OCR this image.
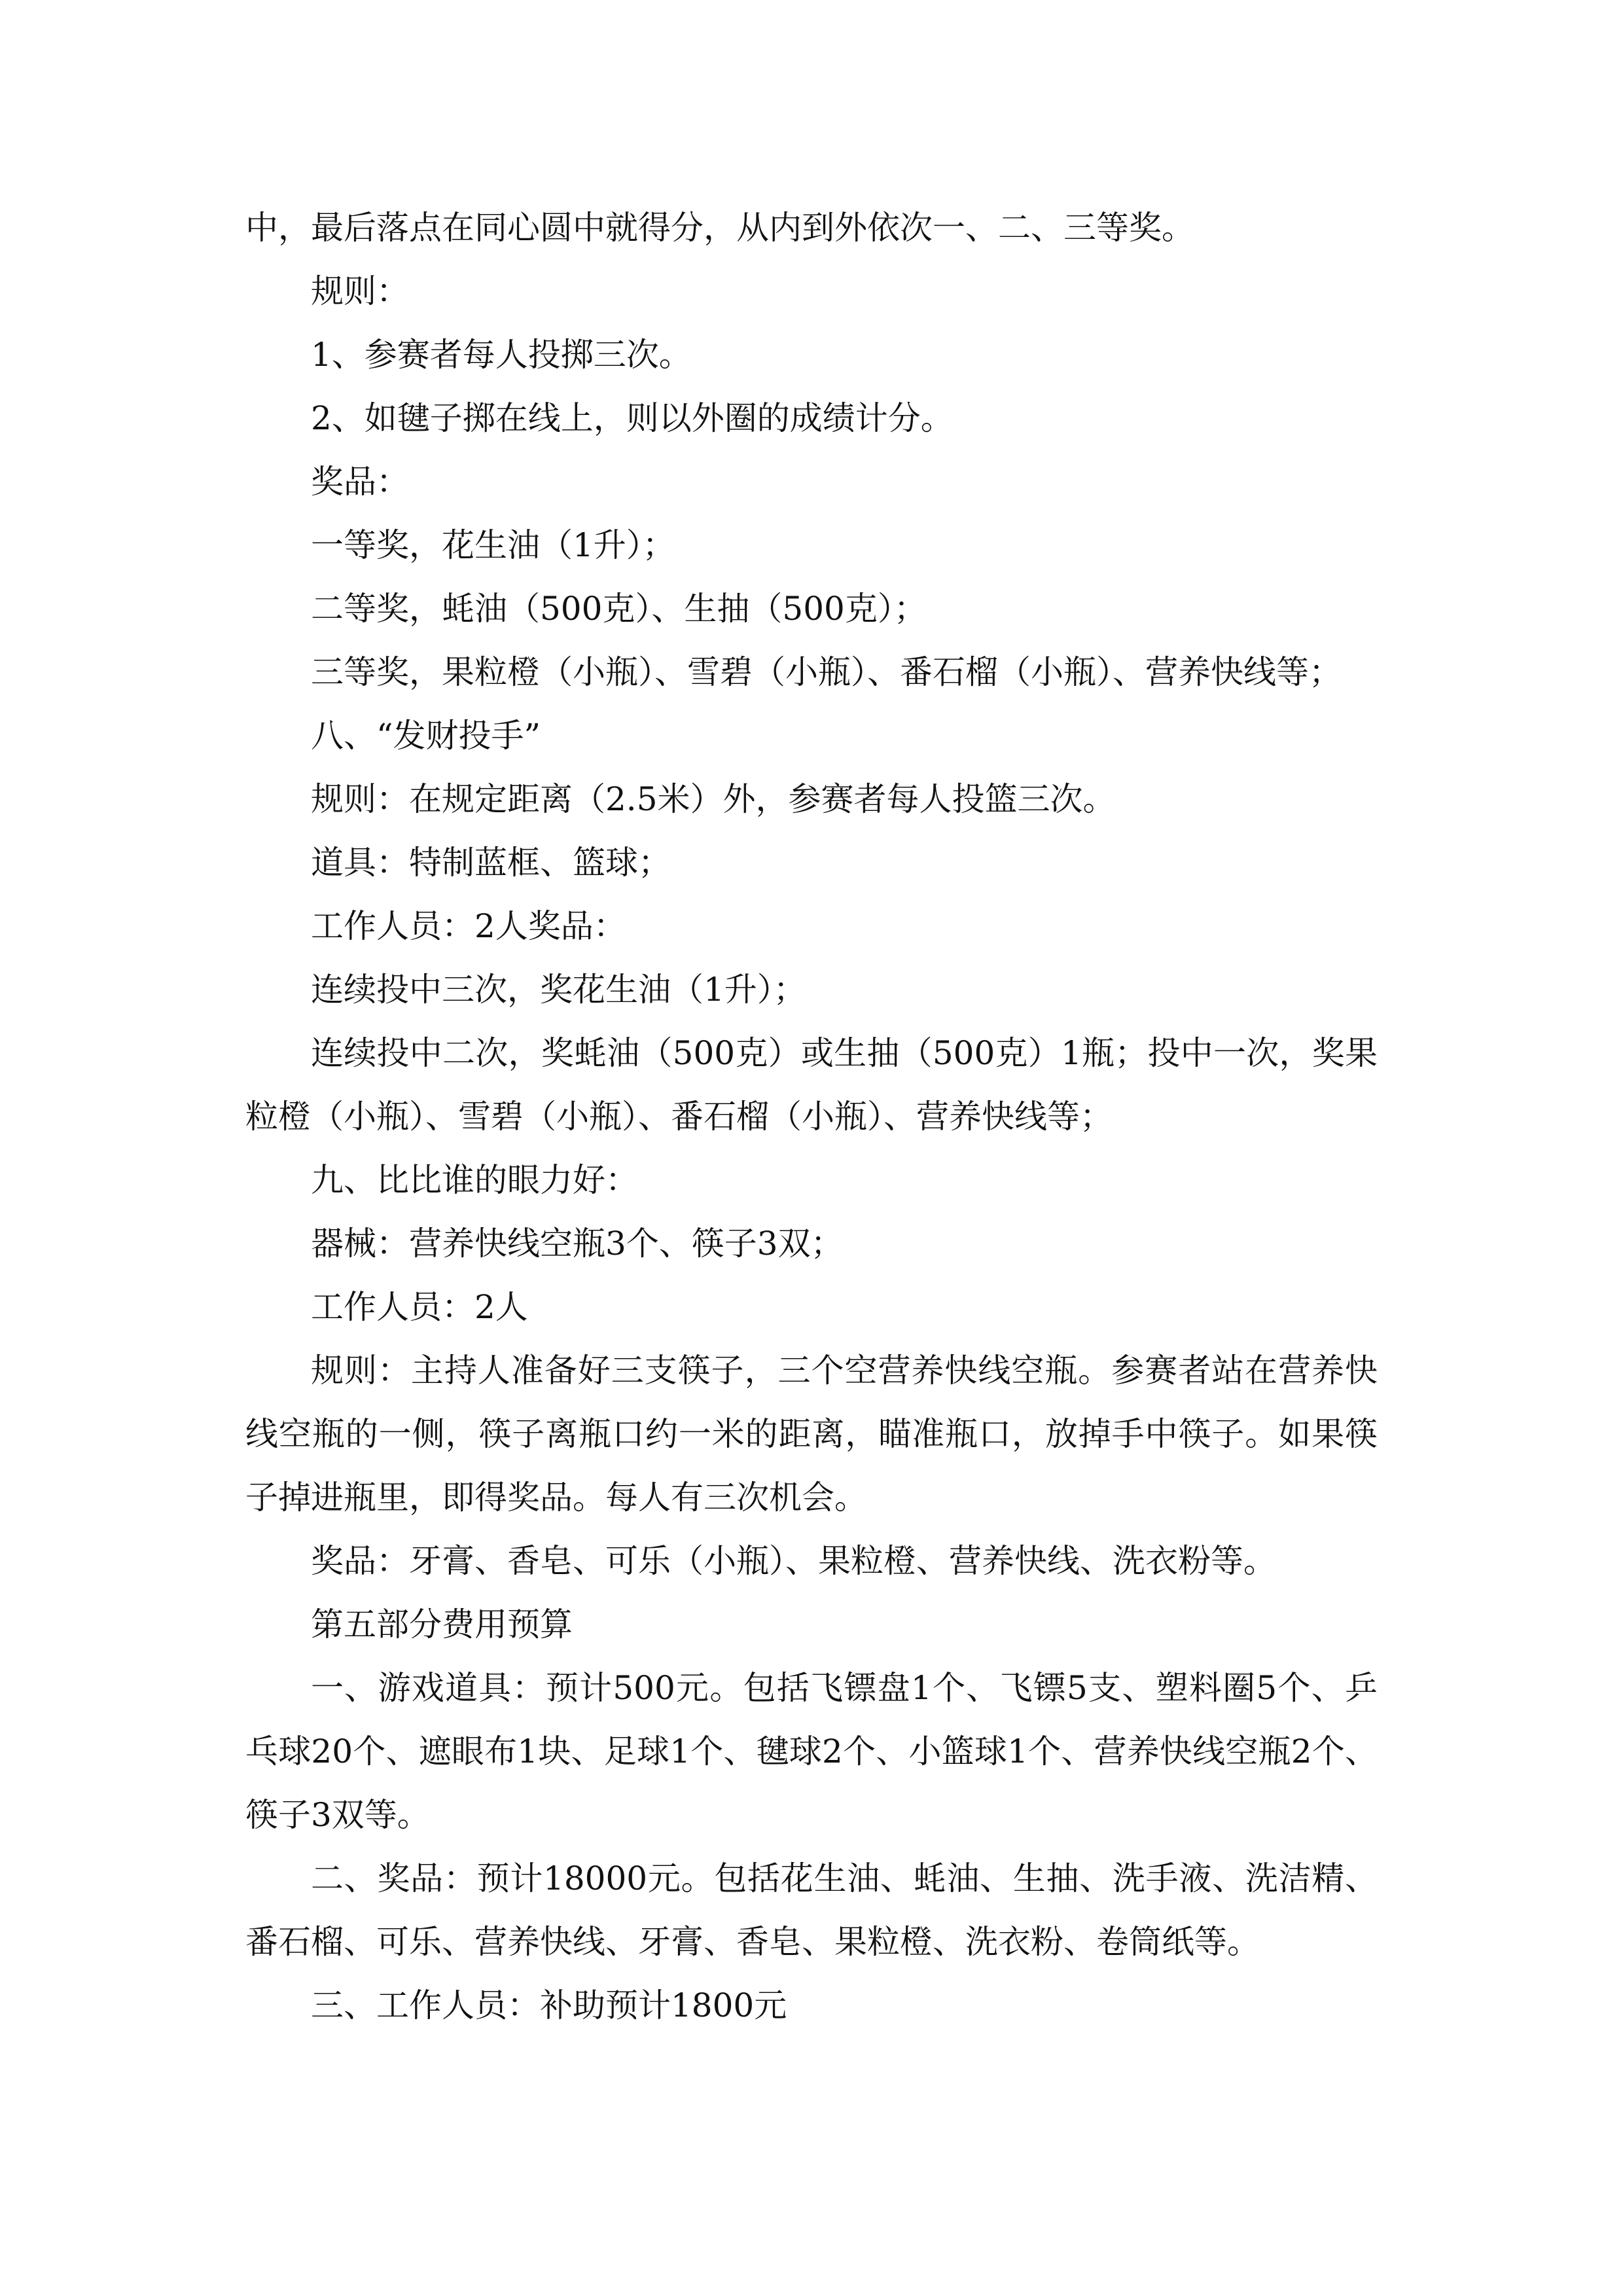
中，最后落点在同心圆中就得分，从内到外依次一、二、三等奖。

规则：

1、参赛者每人投掷三次。

2、如毽子掷在线上，则以外圈的成绩计分。

奖品：

一等奖，花生油（1升）；

二等奖，蚝油（500克）、生抽（500克）；

三等奖，果粒橙（小瓶）、雪碧（小瓶）、番石榴（小瓶）、营养快线等；

八、“发财投手”

规则：在规定距离（2.5米）外，参赛者每人投篮三次。

道具：特制蓝框、篮球；

工作人员：2人奖品：

连续投中三次，奖花生油（1升）；

连续投中二次，奖蚝油（500克）或生抽（500克）1瓶；投中一次，奖果粒橙（小瓶）、雪碧（小瓶）、番石榴（小瓶）、营养快线等；

九、比比谁的眼力好：

器械：营养快线空瓶3个、筷子3双；

工作人员：2人

规则：主持人准备好三支筷子，三个空营养快线空瓶。参赛者站在营养快线空瓶的一侧，筷子离瓶口约一米的距离，瞄准瓶口，放掉手中筷子。如果筷子掉进瓶里，即得奖品。每人有三次机会。

奖品：牙膏、香皂、可乐（小瓶）、果粒橙、营养快线、洗衣粉等。

第五部分费用预算

一、游戏道具：预计500元。包括飞镖盘1个、飞镖5支、塑料圈5个、乒乓球20个、遮眼布1块、足球1个、毽球2个、小篮球1个、营养快线空瓶2个、筷子3双等。

二、奖品：预计18000元。包括花生油、蚝油、生抽、洗手液、洗洁精、番石榴、可乐、营养快线、牙膏、香皂、果粒橙、洗衣粉、卷筒纸等。

三、工作人员：补助预计1800元
